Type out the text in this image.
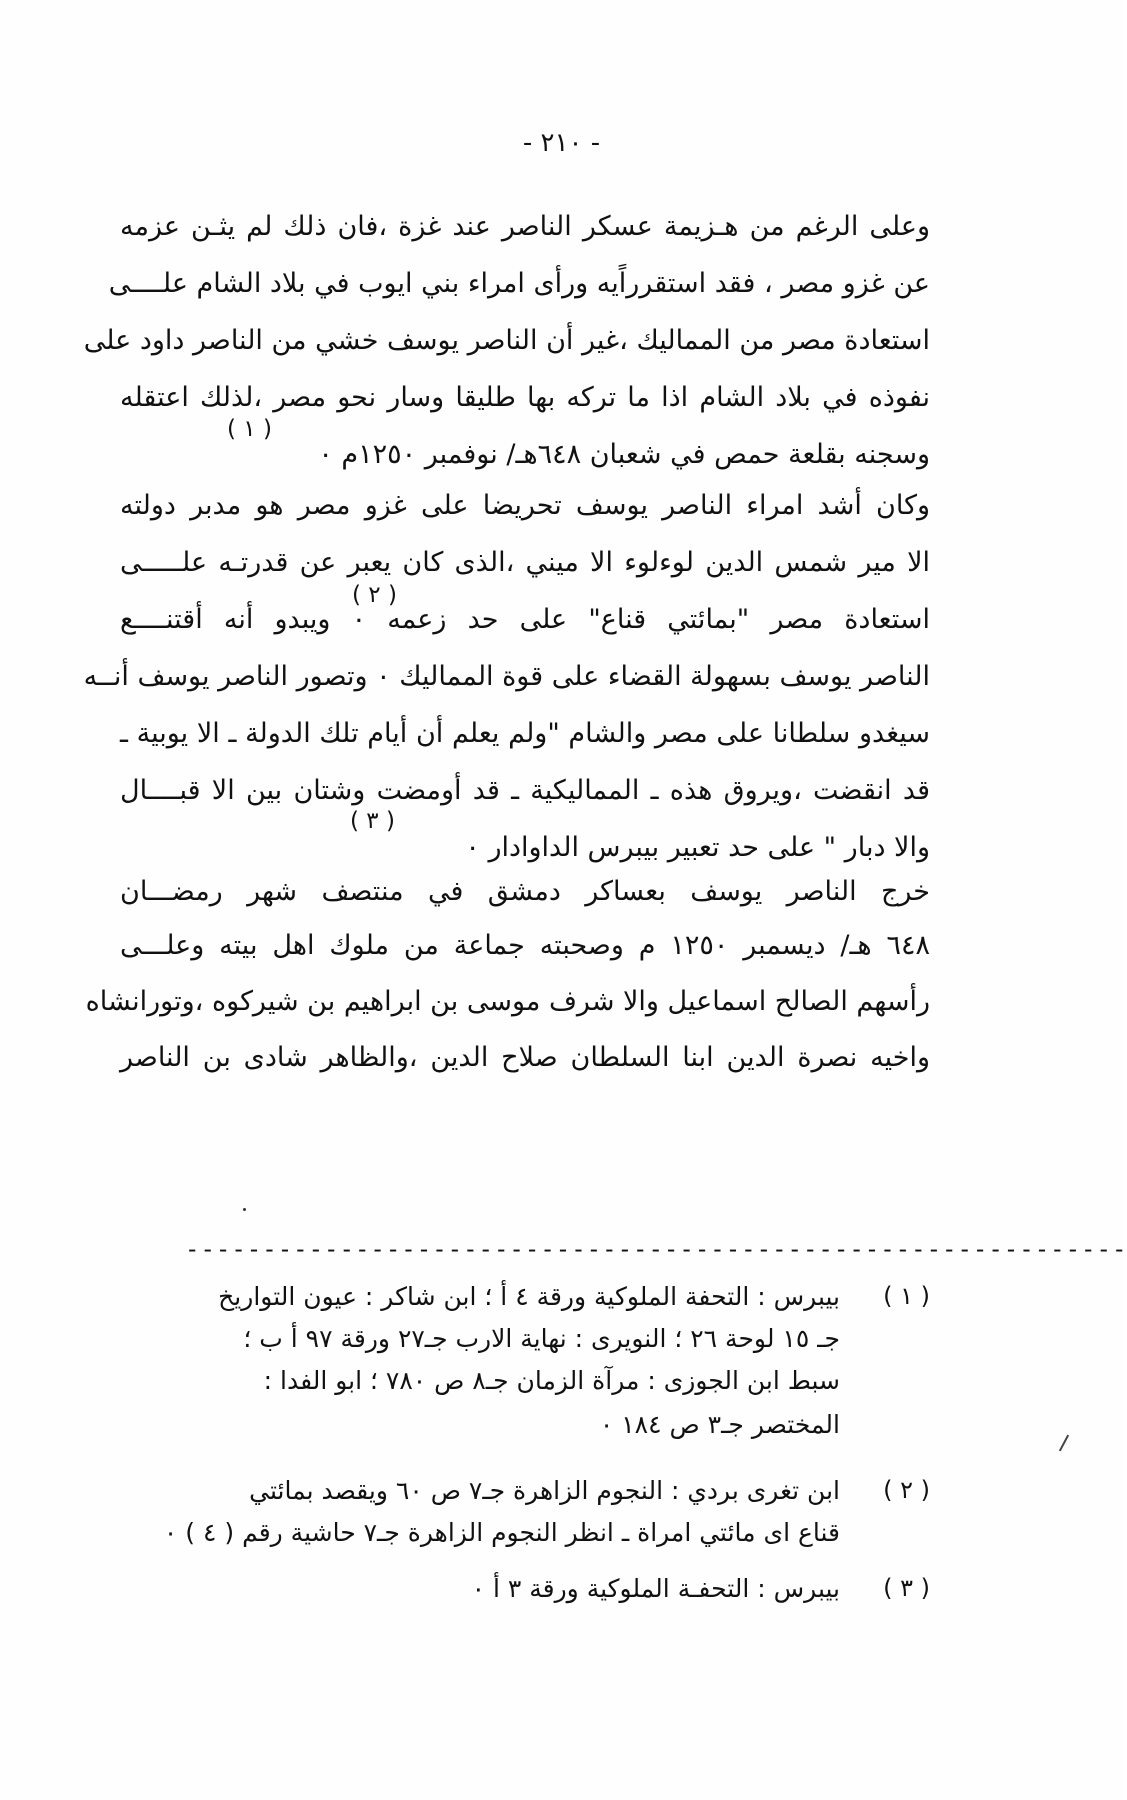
- ٢١٠ -
وعلى الرغم من هـزيمة عسكر الناصر عند غزة ،فان ذلك لم يثـن عزمه
عن غزو مصر ، فقد استقرراًيه ورأى امراء بني ايوب في بلاد الشام علــــى
استعادة مصر من المماليك ،غير أن الناصر يوسف خشي من الناصر داود على
نفوذه في بلاد الشام اذا ما تركه بها طليقا وسار نحو مصر ،لذلك اعتقله
وسجنه بقلعة حمص في شعبان ٦٤٨هـ/ نوفمبر ١٢٥٠م ٠
( ١ )
وكان أشد امراء الناصر يوسف تحريضا على غزو مصر هو مدبر دولته
الا مير شمس الدين لوءلوء الا ميني ،الذى كان يعبر عن قدرتـه علـــــى
استعادة مصر "بمائتي قناع" على حد زعمه ٠ ويبدو أنه أقتنــــع
الناصر يوسف بسهولة القضاء على قوة المماليك ٠ وتصور الناصر يوسف أنــه
سيغدو سلطانا على مصر والشام "ولم يعلم أن أيام تلك الدولة ـ الا يوبية ـ
قد انقضت ،ويروق هذه ـ المماليكية ـ قد أومضت وشتان بين الا قبــــال
والا دبار " على حد تعبير بيبرس الداوادار ٠
( ٢ )
( ٣ )
خرج الناصر يوسف بعساكر دمشق في منتصف شهر رمضـــان
٦٤٨ هـ/ ديسمبر ١٢٥٠ م وصحبته جماعة من ملوك اهل بيته وعلـــى
رأسهم الصالح اسماعيل والا شرف موسى بن ابراهيم بن شيركوه ،وتورانشاه
واخيه نصرة الدين ابنا السلطان صلاح الدين ،والظاهر شادى بن الناصر
-------------------------------------------------------------
( ١ )
بيبرس : التحفة الملوكية ورقة ٤ أ ؛ ابن شاكر : عيون التواريخ
جـ ١٥ لوحة ٢٦ ؛ النويرى : نهاية الارب جـ٢٧ ورقة ٩٧ أ ب ؛
سبط ابن الجوزى : مرآة الزمان جـ٨ ص ٧٨٠ ؛ ابو الفدا :
المختصر جـ٣ ص ١٨٤ ٠
( ٢ )
ابن تغرى بردي : النجوم الزاهرة جـ٧ ص ٦٠ ويقصد بمائتي
قناع اى مائتي امراة ـ انظر النجوم الزاهرة جـ٧ حاشية رقم ( ٤ ) ٠
( ٣ )
بيبرس : التحفـة الملوكية ورقة ٣ أ ٠
